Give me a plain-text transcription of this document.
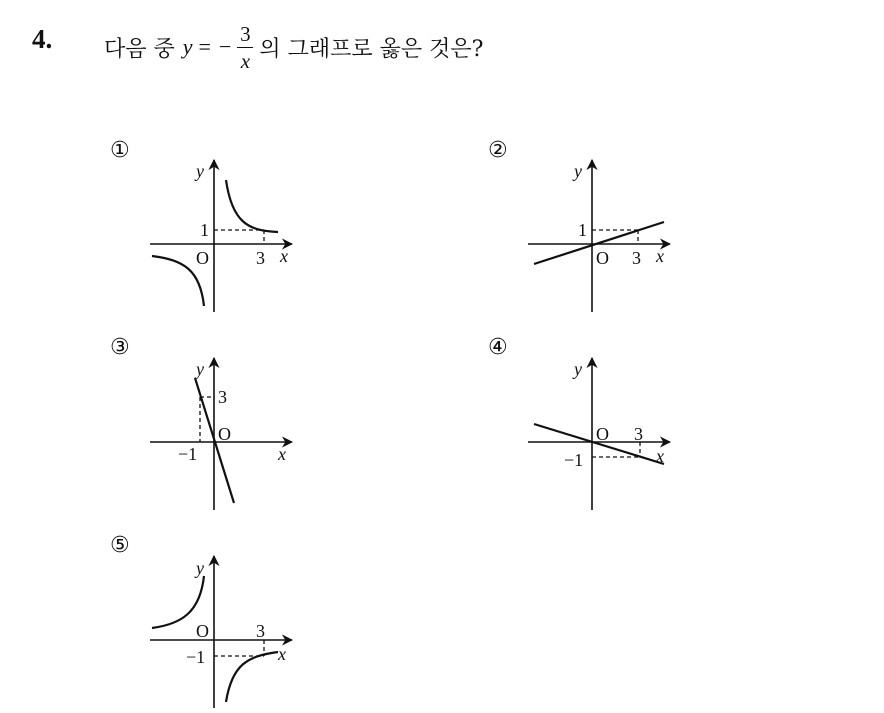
4. 다음 중 y = − $\frac{3}{x}$ 의 그래프로 옳은 것은?
①	②
③	④
⑤
y
x
O
1
3
y
x
O
1
3
y
x
O
3
−1
y
x
O 3
−1
y
x
O	3
−1
